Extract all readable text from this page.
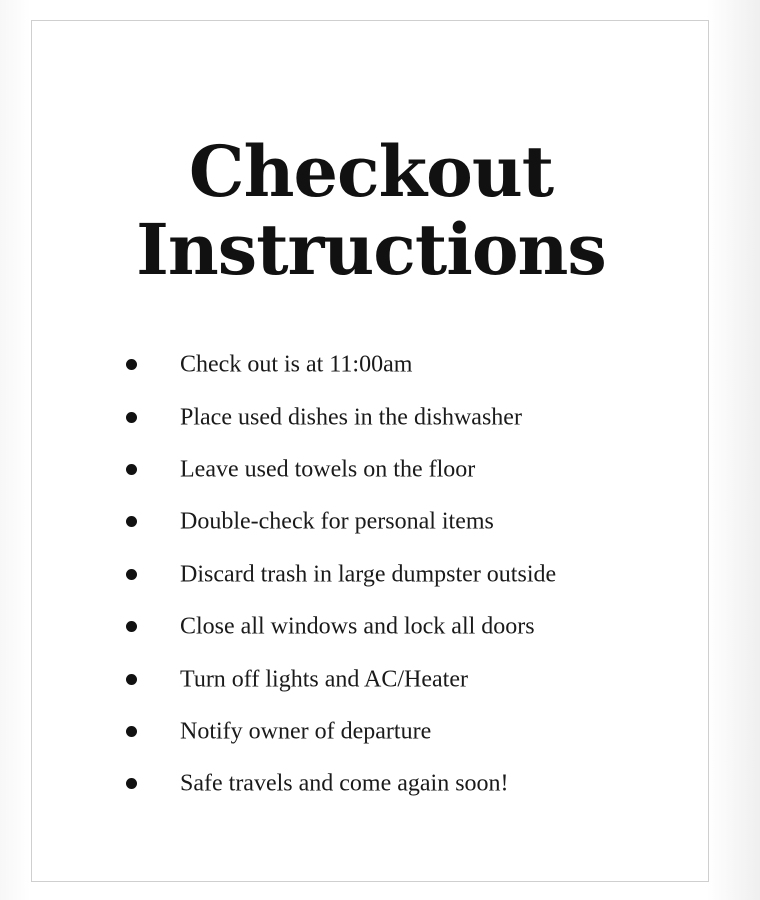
Checkout
Instructions
Check out is at 11:00am
Place used dishes in the dishwasher
Leave used towels on the floor
Double-check for personal items
Discard trash in large dumpster outside
Close all windows and lock all doors
Turn off lights and AC/Heater
Notify owner of departure
Safe travels and come again soon!
